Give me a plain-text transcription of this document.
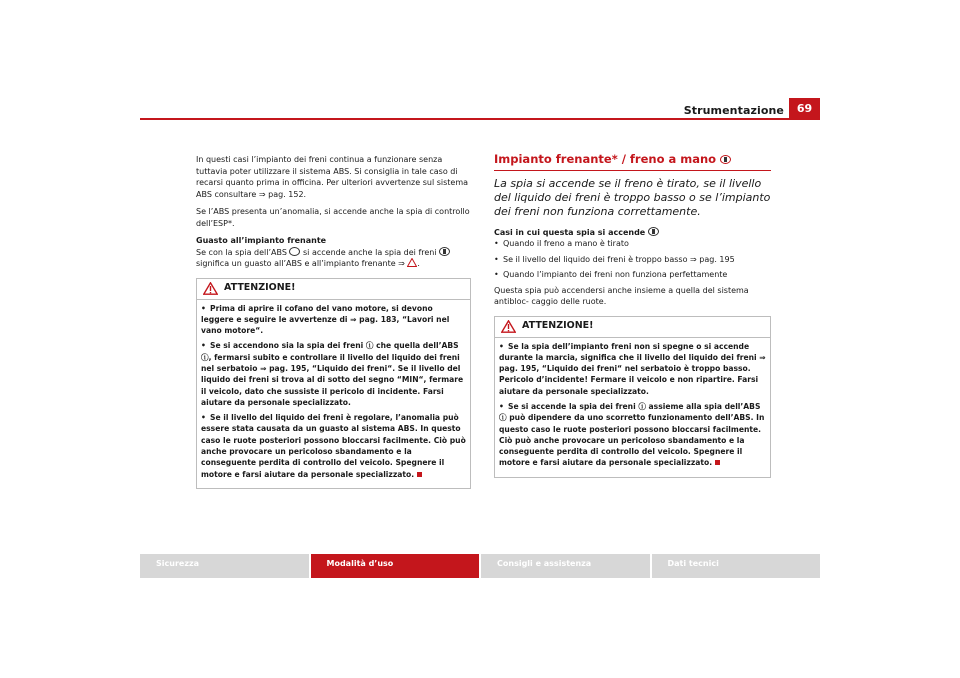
Strumentazione	69

In questi casi l’impianto dei freni continua a funzionare senza tuttavia poter utilizzare il sistema ABS. Si consiglia in tale caso di recarsi quanto prima in officina. Per ulteriori avvertenze sul sistema ABS consultare ⇒ pag. 152.

Se l’ABS presenta un’anomalia, si accende anche la spia di controllo dell’ESP*.

Guasto all’impianto frenante

Se con la spia dell’ABS si accende anche la spia dei freni  significa un guasto all’ABS e all’impianto frenante ⇒ .

ATTENZIONE!
• Prima di aprire il cofano del vano motore, si devono leggere e seguire le avvertenze di ⇒ pag. 183, “Lavori nel vano motore“.
• Se si accendono sia la spia dei freni ⓘ che quella dell’ABS ⓘ, fermarsi subito e controllare il livello del liquido dei freni nel serbatoio ⇒ pag. 195, “Liquido dei freni“. Se il livello del liquido dei freni si trova al di sotto del segno “MIN“, fermare il veicolo, dato che sussiste il pericolo di incidente. Farsi aiutare da personale specializzato.
• Se il livello del liquido dei freni è regolare, l’anomalia può essere stata causata da un guasto al sistema ABS. In questo caso le ruote posteriori possono bloccarsi facilmente. Ciò può anche provocare un pericoloso sbandamento e la conseguente perdita di controllo del veicolo. Spegnere il motore e farsi aiutare da personale specializzato.
Impianto frenante* / freno a mano

La spia si accende se il freno è tirato, se il livello del liquido dei freni è troppo basso o se l’impianto dei freni non funziona correttamente.

Casi in cui questa spia si accende

• Quando il freno a mano è tirato
• Se il livello del liquido dei freni è troppo basso ⇒ pag. 195
• Quando l’impianto dei freni non funziona perfettamente

Questa spia può accendersi anche insieme a quella del sistema antibloc- caggio delle ruote.

ATTENZIONE!
• Se la spia dell’impianto freni non si spegne o si accende durante la marcia, significa che il livello del liquido dei freni ⇒ pag. 195, “Liquido dei freni“ nel serbatoio è troppo basso. Pericolo d’incidente! Fermare il veicolo e non ripartire. Farsi aiutare da personale specializzato.
• Se si accende la spia dei freni ⓘ assieme alla spia dell’ABS ⓘ può dipendere da uno scorretto funzionamento dell’ABS. In questo caso le ruote posteriori possono bloccarsi facilmente. Ciò può anche provocare un pericoloso sbandamento e la conseguente perdita di controllo del veicolo. Spegnere il motore e farsi aiutare da personale specializzato.
Sicurezza	Modalità d’uso	Consigli e assistenza	Dati tecnici
